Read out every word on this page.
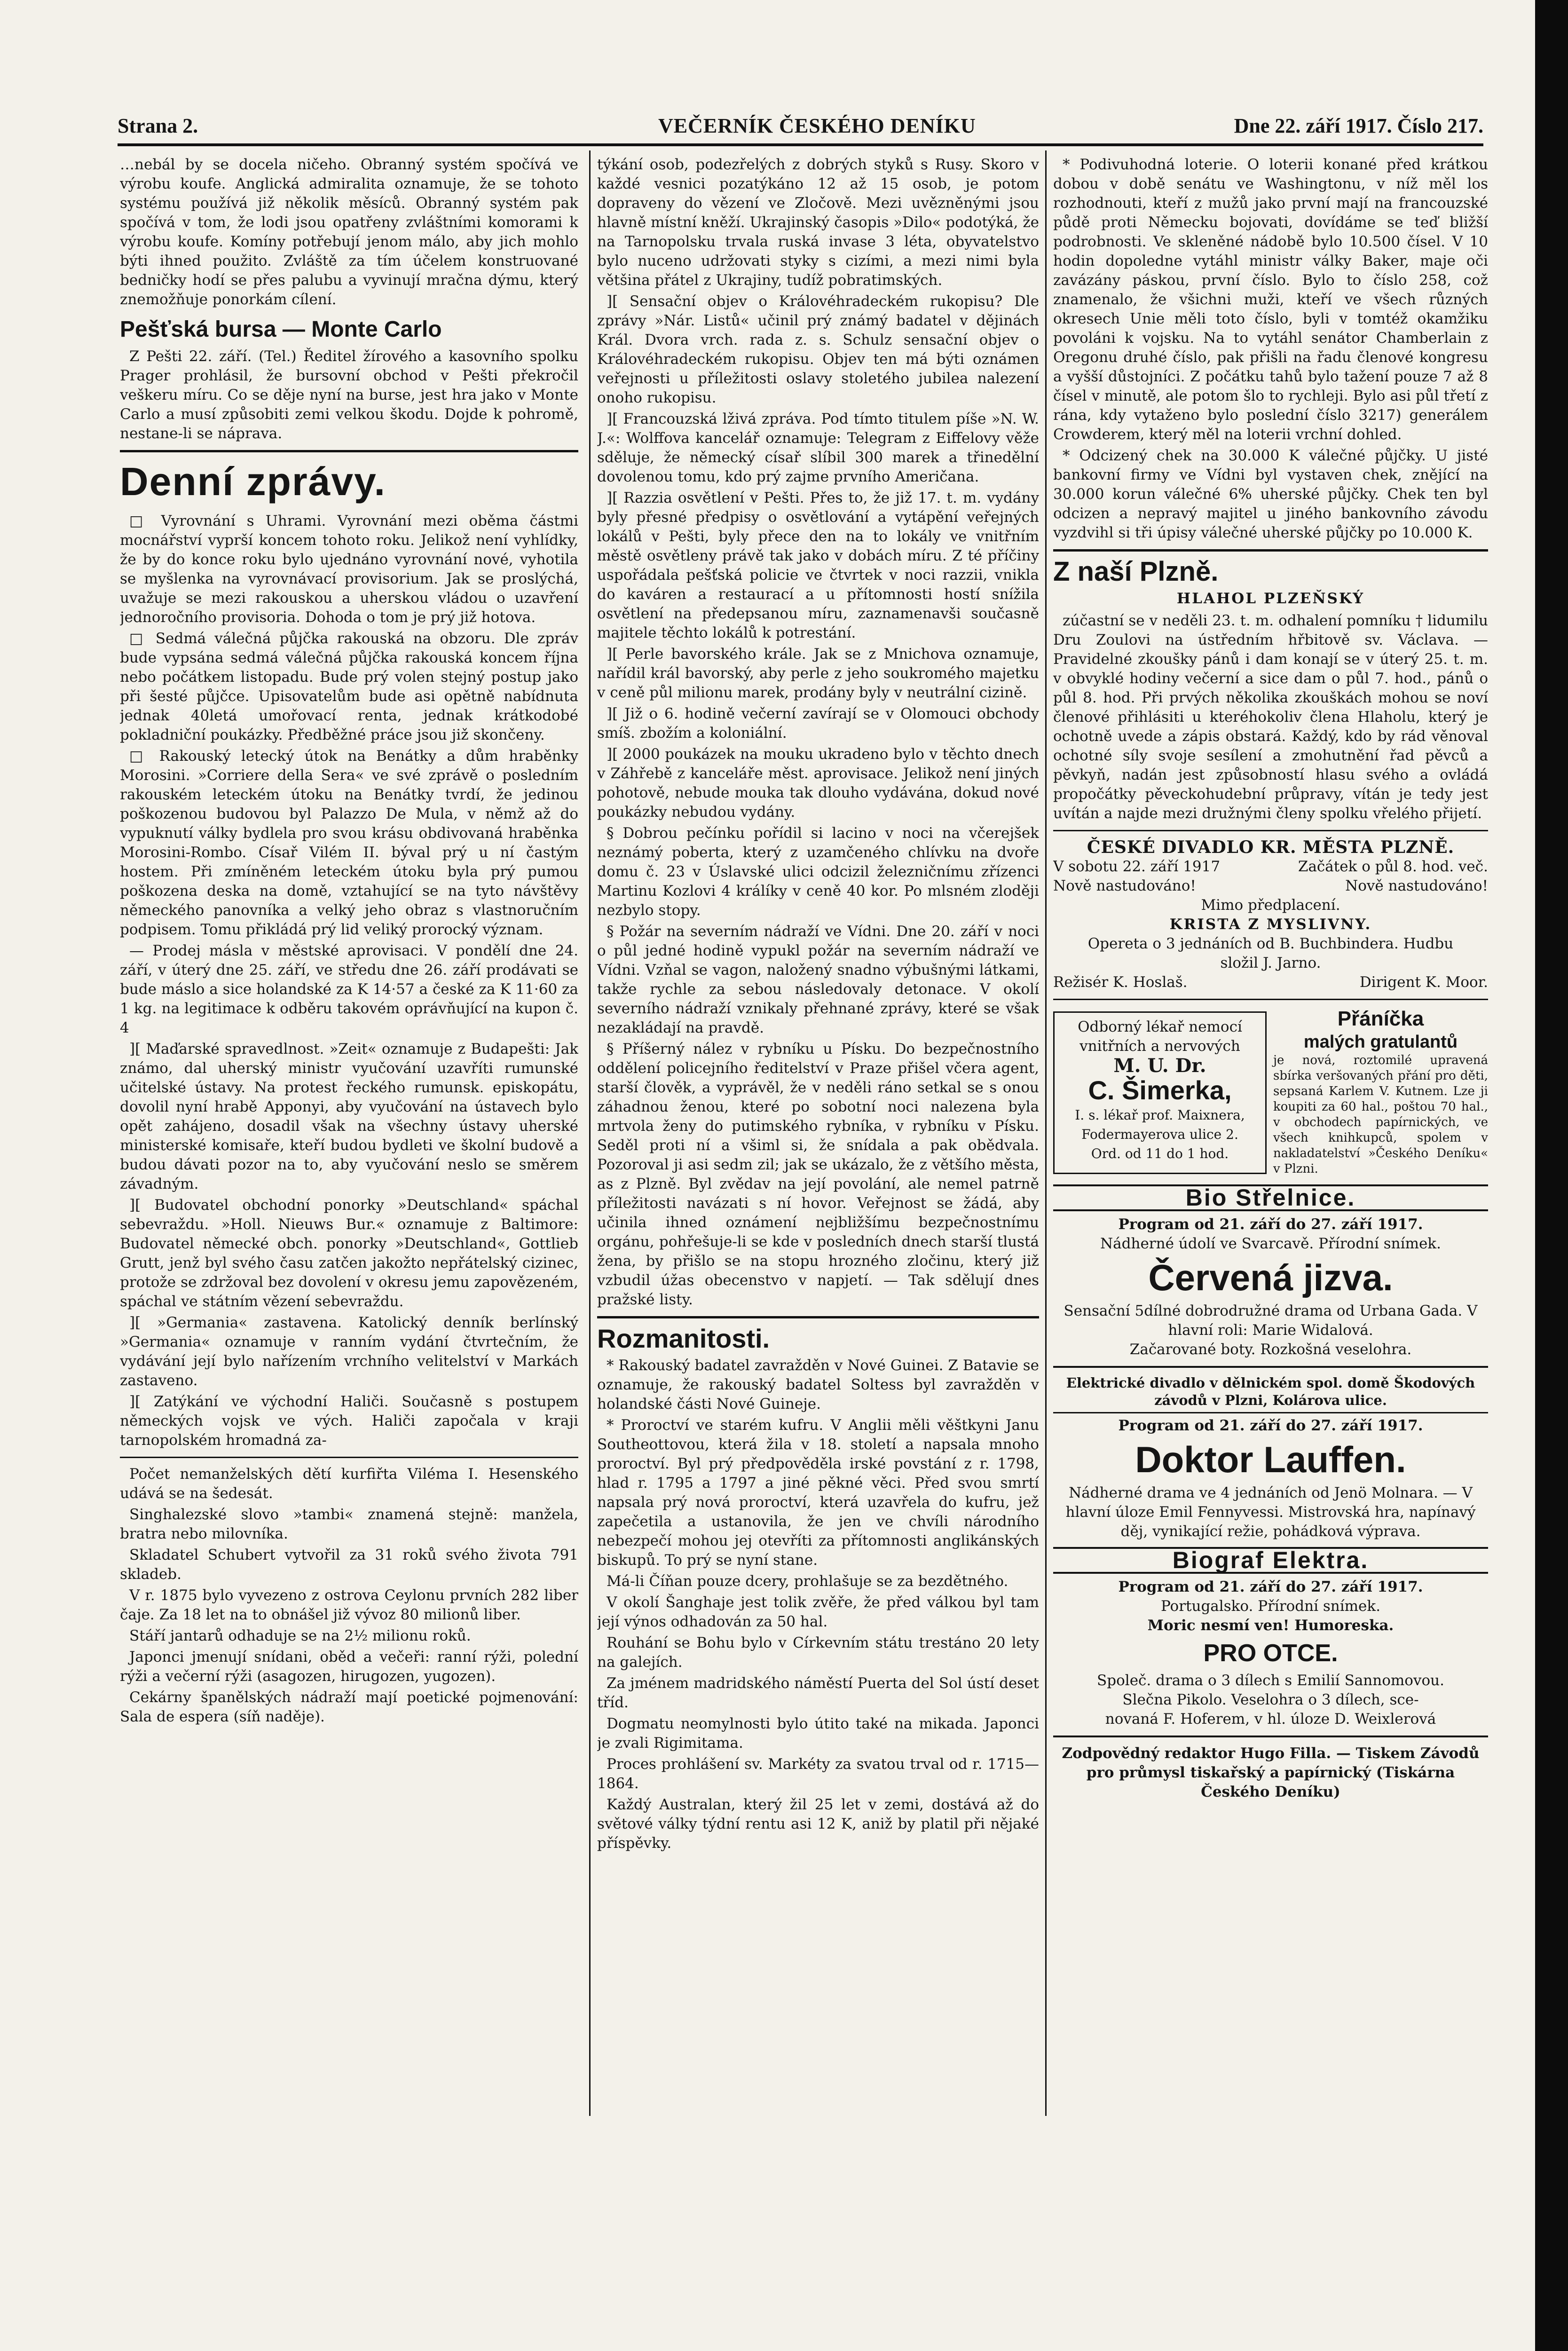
Strana 2.	VEČERNÍK ČESKÉHO DENÍKU	Dne 22. září 1917. Číslo 217.

…nebál by se docela ničeho. Obranný systém spočívá ve výrobu koufe. Anglická admiralita oznamuje, že se tohoto systému používá již několik měsíců. Obranný systém pak spočívá v tom, že lodi jsou opatřeny zvláštními komorami k výrobu koufe. Komíny potřebují jenom málo, aby jich mohlo býti ihned použito. Zvláště za tím účelem konstruované bedničky hodí se přes palubu a vyvinují mračna dýmu, který znemožňuje ponorkám cílení.

Pešťská bursa — Monte Carlo

Z Pešti 22. září. (Tel.) Ředitel žírového a kasovního spolku Prager prohlásil, že bursovní obchod v Pešti překročil veškeru míru. Co se děje nyní na burse, jest hra jako v Monte Carlo a musí způsobiti zemi velkou škodu. Dojde k pohromě, nestane-li se náprava.

Denní zprávy.

□ Vyrovnání s Uhrami. Vyrovnání mezi oběma částmi mocnářství vyprší koncem tohoto roku. Jelikož není vyhlídky, že by do konce roku bylo ujednáno vyrovnání nové, vyhotila se myšlenka na vyrovnávací provisorium. Jak se proslýchá, uvažuje se mezi rakouskou a uherskou vládou o uzavření jednoročního provisoria. Dohoda o tom je prý již hotova.

□ Sedmá válečná půjčka rakouská na obzoru. Dle zpráv bude vypsána sedmá válečná půjčka rakouská koncem října nebo počátkem listopadu. Bude prý volen stejný postup jako při šesté půjčce. Upisovatelům bude asi opětně nabídnuta jednak 40letá umořovací renta, jednak krátkodobé pokladniční poukázky. Předběžné práce jsou již skončeny.

□ Rakouský letecký útok na Benátky a dům hraběnky Morosini. »Corriere della Sera« ve své zprávě o posledním rakouském leteckém útoku na Benátky tvrdí, že jedinou poškozenou budovou byl Palazzo De Mula, v němž až do vypuknutí války bydlela pro svou krásu obdivovaná hraběnka Morosini-Rombo. Císař Vilém II. býval prý u ní častým hostem. Při zmíněném leteckém útoku byla prý pumou poškozena deska na domě, vztahující se na tyto návštěvy německého panovníka a velký jeho obraz s vlastnoručním podpisem. Tomu přikládá prý lid veliký prorocký význam.

— Prodej másla v městské aprovisaci. V pondělí dne 24. září, v úterý dne 25. září, ve středu dne 26. září prodávati se bude máslo a sice holandské za K 14·57 a české za K 11·60 za 1 kg. na legitimace k odběru takovém oprávňující na kupon č. 4

][ Maďarské spravedlnost. »Zeit« oznamuje z Budapešti: Jak známo, dal uherský ministr vyučování uzavříti rumunské učitelské ústavy. Na protest řeckého rumunsk. episkopátu, dovolil nyní hrabě Apponyi, aby vyučování na ústavech bylo opět zahájeno, dosadil však na všechny ústavy uherské ministerské komisaře, kteří budou bydleti ve školní budově a budou dávati pozor na to, aby vyučování neslo se směrem závadným.

][ Budovatel obchodní ponorky »Deutschland« spáchal sebevraždu. »Holl. Nieuws Bur.« oznamuje z Baltimore: Budovatel německé obch. ponorky »Deutschland«, Gottlieb Grutt, jenž byl svého času zatčen jakožto nepřátelský cizinec, protože se zdržoval bez dovolení v okresu jemu zapovězeném, spáchal ve státním vězení sebevraždu.

][ »Germania« zastavena. Katolický denník berlínský »Germania« oznamuje v ranním vydání čtvrtečním, že vydávání její bylo nařízením vrchního velitelství v Markách zastaveno.

][ Zatýkání ve východní Haliči. Současně s postupem německých vojsk ve vých. Haliči započala v kraji tarnopolském hromadná za-

Počet nemanželských dětí kurfiřta Viléma I. Hesenského udává se na šedesát.

Singhalezské slovo »tambi« znamená stejně: manžela, bratra nebo milovníka.

Skladatel Schubert vytvořil za 31 roků svého života 791 skladeb.

V r. 1875 bylo vyvezeno z ostrova Ceylonu prvních 282 liber čaje. Za 18 let na to obnášel již vývoz 80 milionů liber.

Stáří jantarů odhaduje se na 2½ milionu roků.

Japonci jmenují snídani, oběd a večeři: ranní rýži, polední rýži a večerní rýži (asagozen, hirugozen, yugozen).

Cekárny španělských nádraží mají poetické pojmenování: Sala de espera (síň naděje).

týkání osob, podezřelých z dobrých styků s Rusy. Skoro v každé vesnici pozatýkáno 12 až 15 osob, je potom dopraveny do vězení ve Zločově. Mezi uvězněnými jsou hlavně místní kněží. Ukrajinský časopis »Dilo« podotýká, že na Tarnopolsku trvala ruská invase 3 léta, obyvatelstvo bylo nuceno udržovati styky s cizími, a mezi nimi byla většina přátel z Ukrajiny, tudíž pobratimských.

][ Sensační objev o Královéhradeckém rukopisu? Dle zprávy »Nár. Listů« učinil prý známý badatel v dějinách Král. Dvora vrch. rada z. s. Schulz sensační objev o Královéhradeckém rukopisu. Objev ten má býti oznámen veřejnosti u příležitosti oslavy stoletého jubilea nalezení onoho rukopisu.

][ Francouzská lživá zpráva. Pod tímto titulem píše »N. W. J.«: Wolffova kancelář oznamuje: Telegram z Eiffelovy věže sděluje, že německý císař slíbil 300 marek a třinedělní dovolenou tomu, kdo prý zajme prvního Američana.

][ Razzia osvětlení v Pešti. Přes to, že již 17. t. m. vydány byly přesné předpisy o osvětlování a vytápění veřejných lokálů v Pešti, byly přece den na to lokály ve vnitřním městě osvětleny právě tak jako v dobách míru. Z té příčiny uspořádala pešťská policie ve čtvrtek v noci razzii, vnikla do kaváren a restaurací a u přítomnosti hostí snížila osvětlení na předepsanou míru, zaznamenavši současně majitele těchto lokálů k potrestání.

][ Perle bavorského krále. Jak se z Mnichova oznamuje, nařídil král bavorský, aby perle z jeho soukromého majetku v ceně půl milionu marek, prodány byly v neutrální cizině.

][ Již o 6. hodině večerní zavírají se v Olomouci obchody smíš. zbožím a koloniální.

][ 2000 poukázek na mouku ukradeno bylo v těchto dnech v Záhřebě z kanceláře měst. aprovisace. Jelikož není jiných pohotově, nebude mouka tak dlouho vydávána, dokud nové poukázky nebudou vydány.

§ Dobrou pečínku pořídil si lacino v noci na včerejšek neznámý poberta, který z uzamčeného chlívku na dvoře domu č. 23 v Úslavské ulici odcizil železničnímu zřízenci Martinu Kozlovi 4 králíky v ceně 40 kor. Po mlsném zloději nezbylo stopy.

§ Požár na severním nádraží ve Vídni. Dne 20. září v noci o půl jedné hodině vypukl požár na severním nádraží ve Vídni. Vzňal se vagon, naložený snadno výbušnými látkami, takže rychle za sebou následovaly detonace. V okolí severního nádraží vznikaly přehnané zprávy, které se však nezakládají na pravdě.

§ Příšerný nález v rybníku u Písku. Do bezpečnostního oddělení policejního ředitelství v Praze přišel včera agent, starší člověk, a vyprávěl, že v neděli ráno setkal se s onou záhadnou ženou, které po sobotní noci nalezena byla mrtvola ženy do putimského rybníka, v rybníku v Písku. Seděl proti ní a všiml si, že snídala a pak obědvala. Pozoroval ji asi sedm zil; jak se ukázalo, že z většího města, as z Plzně. Byl zvědav na její povolání, ale nemel patrně příležitosti navázati s ní hovor. Veřejnost se žádá, aby učinila ihned oznámení nejbližšímu bezpečnostnímu orgánu, pohřešuje-li se kde v posledních dnech starší tlustá žena, by přišlo se na stopu hrozného zločinu, který již vzbudil úžas obecenstvo v napjetí. — Tak sdělují dnes pražské listy.

Rozmanitosti.

* Rakouský badatel zavražděn v Nové Guinei. Z Batavie se oznamuje, že rakouský badatel Soltess byl zavražděn v holandské části Nové Guineje.

* Proroctví ve starém kufru. V Anglii měli věštkyni Janu Southeottovou, která žila v 18. století a napsala mnoho proroctví. Byl prý předpověděla irské povstání z r. 1798, hlad r. 1795 a 1797 a jiné pěkné věci. Před svou smrtí napsala prý nová proroctví, která uzavřela do kufru, jež zapečetila a ustanovila, že jen ve chvíli národního nebezpečí mohou jej otevříti za přítomnosti anglikánských biskupů. To prý se nyní stane.

Má-li Číňan pouze dcery, prohlašuje se za bezdětného.

V okolí Šanghaje jest tolik zvěře, že před válkou byl tam její výnos odhadován za 50 hal.

Rouhání se Bohu bylo v Církevním státu trestáno 20 lety na galejích.

Za jménem madridského náměstí Puerta del Sol ústí deset tříd.

Dogmatu neomylnosti bylo útito také na mikada. Japonci je zvali Rigimitama.

Proces prohlášení sv. Markéty za svatou trval od r. 1715—1864.

Každý Australan, který žil 25 let v zemi, dostává až do světové války týdní rentu asi 12 K, aniž by platil při nějaké příspěvky.

* Podivuhodná loterie. O loterii konané před krátkou dobou v době senátu ve Washingtonu, v níž měl los rozhodnouti, kteří z mužů jako první mají na francouzské půdě proti Německu bojovati, dovídáme se teď bližší podrobnosti. Ve skleněné nádobě bylo 10.500 čísel. V 10 hodin dopoledne vytáhl ministr války Baker, maje oči zavázány páskou, první číslo. Bylo to číslo 258, což znamenalo, že všichni muži, kteří ve všech různých okresech Unie měli toto číslo, byli v tomtéž okamžiku povoláni k vojsku. Na to vytáhl senátor Chamberlain z Oregonu druhé číslo, pak přišli na řadu členové kongresu a vyšší důstojníci. Z počátku tahů bylo tažení pouze 7 až 8 čísel v minutě, ale potom šlo to rychleji. Bylo asi půl třetí z rána, kdy vytaženo bylo poslední číslo 3217) generálem Crowderem, který měl na loterii vrchní dohled.

* Odcizený chek na 30.000 K válečné půjčky. U jisté bankovní firmy ve Vídni byl vystaven chek, znějící na 30.000 korun válečné 6% uherské půjčky. Chek ten byl odcizen a nepravý majitel u jiného bankovního závodu vyzdvihl si tři úpisy válečné uherské půjčky po 10.000 K.

Z naší Plzně.
HLAHOL PLZEŇSKÝ

zúčastní se v neděli 23. t. m. odhalení pomníku † lidumilu Dru Zoulovi na ústředním hřbitově sv. Václava. — Pravidelné zkoušky pánů i dam konají se v úterý 25. t. m. v obvyklé hodiny večerní a sice dam o půl 7. hod., pánů o půl 8. hod. Při prvých několika zkouškách mohou se noví členové přihlásiti u kteréhokoliv člena Hlaholu, který je ochotně uvede a zápis obstará. Každý, kdo by rád věnoval ochotné síly svoje sesílení a zmohutnění řad pěvců a pěvkyň, nadán jest způsobností hlasu svého a ovládá propočátky pěveckohudební průpravy, vítán je tedy jest uvítán a najde mezi družnými členy spolku vřelého přijetí.

ČESKÉ DIVADLO KR. MĚSTA PLZNĚ.
V sobotu 22. září 1917	Začátek o půl 8. hod. več.
Nově nastudováno!	Nově nastudováno!
Mimo předplacení.
KRISTA Z MYSLIVNY.
Opereta o 3 jednáních od B. Buchbindera. Hudbu
složil J. Jarno.
Režisér K. Hoslaš.	Dirigent K. Moor.
Odborný lékař nemocí
vnitřních a nervových
M. U. Dr.
C. Šimerka,
I. s. lékař prof. Maixnera,
Fodermayerova ulice 2.
Ord. od 11 do 1 hod.
Přáníčka
malých gratulantů

je nová, roztomilé upravená sbírka veršovaných přání pro děti, sepsaná Karlem V. Kutnem. Lze ji koupiti za 60 hal., poštou 70 hal., v obchodech papírnických, ve všech knihkupců, spolem v nakladatelství »Českého Deníku« v Plzni.

Bio Střelnice.
Program od 21. září do 27. září 1917.
Nádherné údolí ve Svarcavě. Přírodní snímek.
Červená jizva.
Sensační 5dílné dobrodružné drama od Urbana Gada. V hlavní roli: Marie Widalová.
Začarované boty. Rozkošná veselohra.
Elektrické divadlo v dělnickém spol. domě Škodových závodů v Plzni, Kolárova ulice.
Program od 21. září do 27. září 1917.
Doktor Lauffen.
Nádherné drama ve 4 jednáních od Jenö Molnara. — V hlavní úloze Emil Fennyvessi. Mistrovská hra, napínavý děj, vynikající režie, pohádková výprava.
Biograf Elektra.
Program od 21. září do 27. září 1917.
Portugalsko. Přírodní snímek.
Moric nesmí ven! Humoreska.
PRO OTCE.
Společ. drama o 3 dílech s Emilií Sannomovou.
Slečna Pikolo. Veselohra o 3 dílech, sce-
novaná F. Hoferem, v hl. úloze D. Weixlerová

Zodpovědný redaktor Hugo Filla. — Tiskem Závodů pro průmysl tiskařský a papírnický (Tiskárna Českého Deníku)
